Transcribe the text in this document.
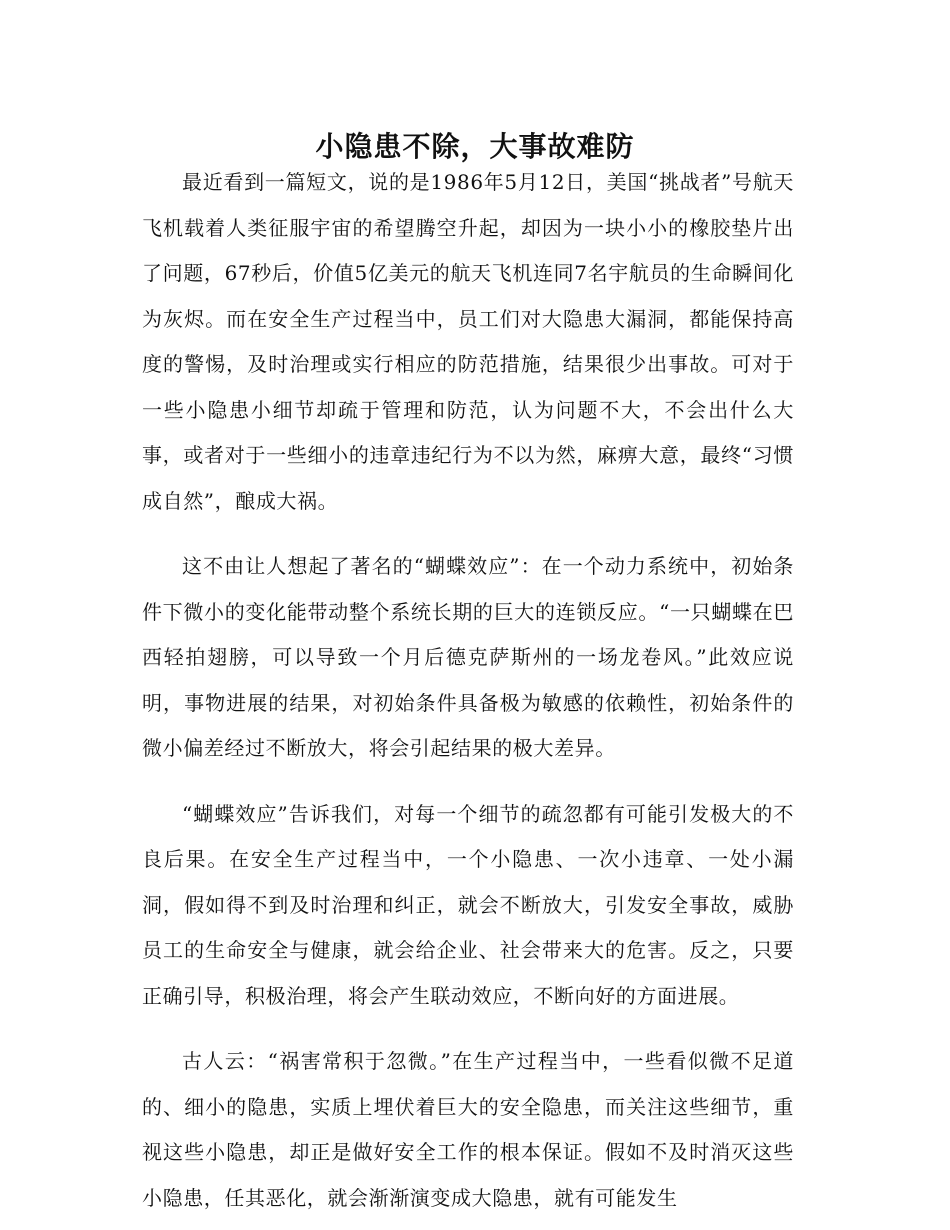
小隐患不除，大事故难防

最近看到一篇短文，说的是1986年5月12日，美国“挑战者”号航天飞机载着人类征服宇宙的希望腾空升起，却因为一块小小的橡胶垫片出了问题，67秒后，价值5亿美元的航天飞机连同7名宇航员的生命瞬间化为灰烬。而在安全生产过程当中，员工们对大隐患大漏洞，都能保持高度的警惕，及时治理或实行相应的防范措施，结果很少出事故。可对于一些小隐患小细节却疏于管理和防范，认为问题不大，不会出什么大事，或者对于一些细小的违章违纪行为不以为然，麻痹大意，最终“习惯成自然”，酿成大祸。

这不由让人想起了著名的“蝴蝶效应”：在一个动力系统中，初始条件下微小的变化能带动整个系统长期的巨大的连锁反应。“一只蝴蝶在巴西轻拍翅膀，可以导致一个月后德克萨斯州的一场龙卷风。”此效应说明，事物进展的结果，对初始条件具备极为敏感的依赖性，初始条件的微小偏差经过不断放大，将会引起结果的极大差异。

“蝴蝶效应”告诉我们，对每一个细节的疏忽都有可能引发极大的不良后果。在安全生产过程当中，一个小隐患、一次小违章、一处小漏洞，假如得不到及时治理和纠正，就会不断放大，引发安全事故，威胁员工的生命安全与健康，就会给企业、社会带来大的危害。反之，只要正确引导，积极治理，将会产生联动效应，不断向好的方面进展。

古人云：“祸害常积于忽微。”在生产过程当中，一些看似微不足道的、细小的隐患，实质上埋伏着巨大的安全隐患，而关注这些细节，重视这些小隐患，却正是做好安全工作的根本保证。假如不及时消灭这些小隐患，任其恶化，就会渐渐演变成大隐患，就有可能发生
